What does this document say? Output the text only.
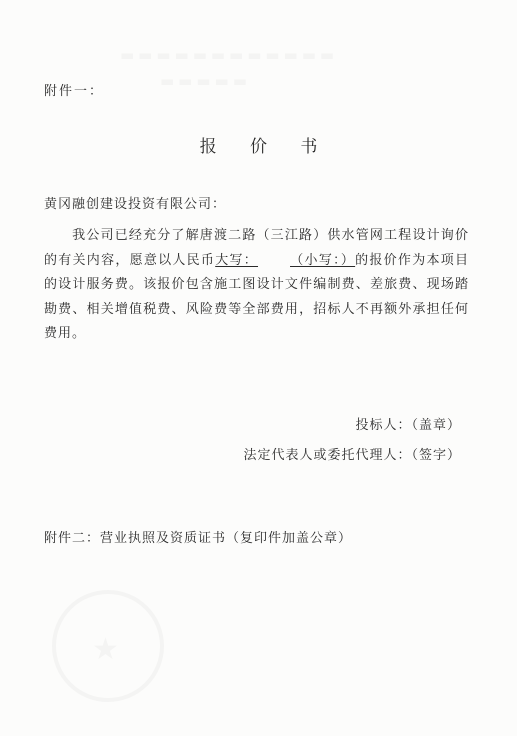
▬▬▬▬▬▬▬▬▬▬▬▬
▬▬▬▬▬
★
附件一：
报 价 书
黄冈融创建设投资有限公司：
我公司已经充分了解唐渡二路（三江路）供水管网工程设计询价的有关内容，愿意以人民币大写： （小写：）的报价作为本项目的设计服务费。该报价包含施工图设计文件编制费、差旅费、现场踏勘费、相关增值税费、风险费等全部费用，招标人不再额外承担任何费用。
投标人：（盖章）
法定代表人或委托代理人：（签字）
附件二：营业执照及资质证书（复印件加盖公章）
